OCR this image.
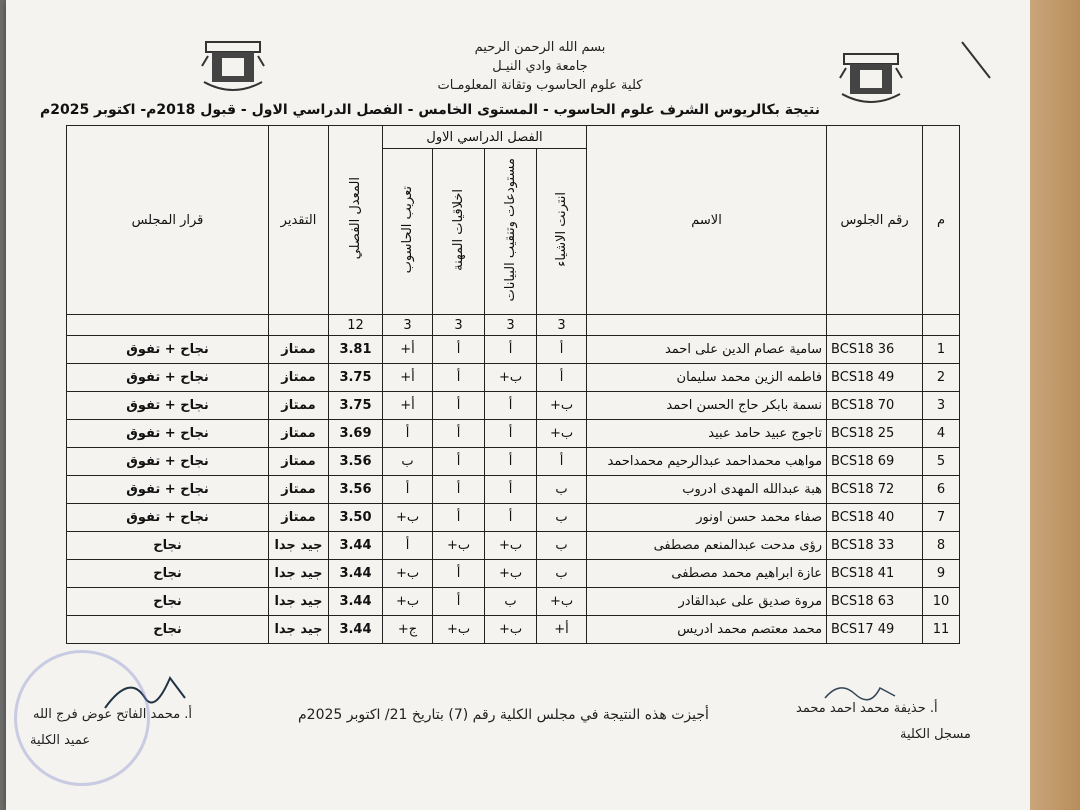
بسم الله الرحمن الرحيم
جامعة وادي النيـل
كلية علوم الحاسوب وتقانة المعلومـات
نتيجة بكالريوس الشرف علوم الحاسوب - المستوى الخامس - الفصل الدراسي الاول - قبول 2018م- اكتوبر 2025م
م	رقم الجلوس	الاسم	الفصل الدراسي الاول				المعدل الفصلي	التقدير	قرار المجلس
			انترنت الاشياء	مستودعات وتنقيب البيانات	اخلاقيات المهنة	تعريب الحاسوب			
			3	3	3	3	12		
1	BCS18 36	سامية عصام الدين على احمد	أ	أ	أ	أ+	3.81	ممتاز	نجاح + تفوق
2	BCS18 49	فاطمه الزين محمد سليمان	أ	ب+	أ	أ+	3.75	ممتاز	نجاح + تفوق
3	BCS18 70	نسمة بابكر حاج الحسن احمد	ب+	أ	أ	أ+	3.75	ممتاز	نجاح + تفوق
4	BCS18 25	تاجوج عبيد حامد عبيد	ب+	أ	أ	أ	3.69	ممتاز	نجاح + تفوق
5	BCS18 69	مواهب محمداحمد عبدالرحيم محمداحمد	أ	أ	أ	ب	3.56	ممتاز	نجاح + تفوق
6	BCS18 72	هبة عبدالله المهدى ادروب	ب	أ	أ	أ	3.56	ممتاز	نجاح + تفوق
7	BCS18 40	صفاء محمد حسن اونور	ب	أ	أ	ب+	3.50	ممتاز	نجاح + تفوق
8	BCS18 33	رؤى مدحت عبدالمنعم مصطفى	ب	ب+	ب+	أ	3.44	جيد جدا	نجاح
9	BCS18 41	عازة ابراهيم محمد مصطفى	ب	ب+	أ	ب+	3.44	جيد جدا	نجاح
10	BCS18 63	مروة صديق على عبدالقادر	ب+	ب	أ	ب+	3.44	جيد جدا	نجاح
11	BCS17 49	محمد معتصم محمد ادريس	أ+	ب+	ب+	ج+	3.44	جيد جدا	نجاح
أجيزت هذه النتيجة في مجلس الكلية رقم (7) بتاريخ 21/ اكتوبر 2025م	أ. حذيفة محمد احمد محمد
مسجل الكلية
أ. محمد الفاتح عوض فرج الله
عميد الكلية
